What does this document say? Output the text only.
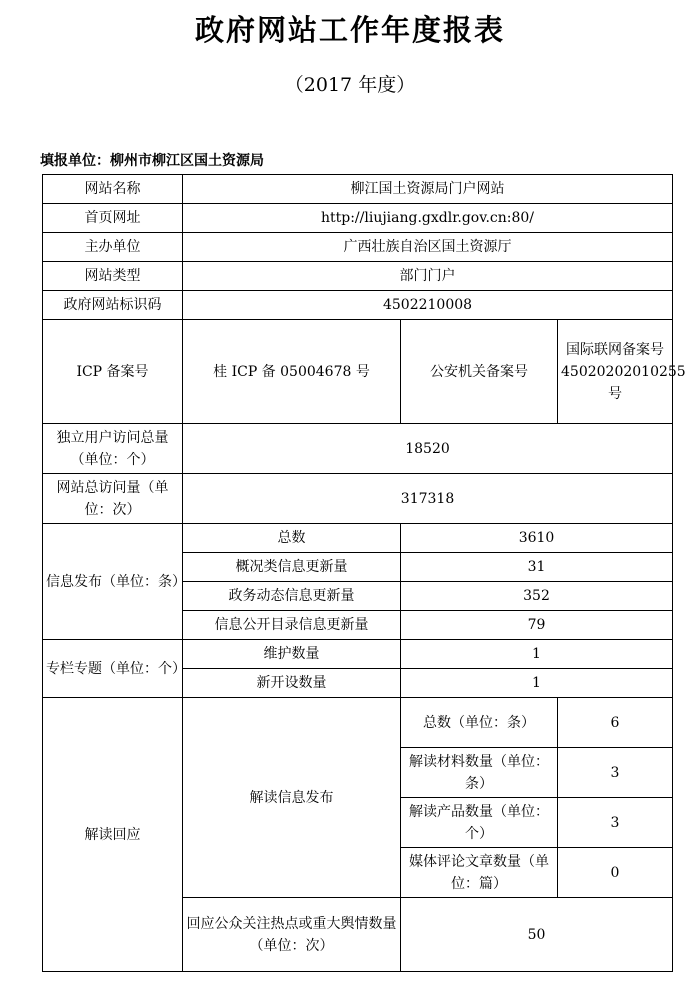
政府网站工作年度报表
（2017 年度）
填报单位：柳州市柳江区国土资源局
网站名称	柳江国土资源局门户网站		
首页网址	http://liujiang.gxdlr.gov.cn:80/		
主办单位	广西壮族自治区国土资源厅		
网站类型	部门门户		
政府网站标识码	4502210008		
ICP 备案号	桂 ICP 备 05004678 号	公安机关备案号	国际联网备案号45020202010255 号
独立用户访问总量（单位：个）	18520		
网站总访问量（单位：次）	317318		
信息发布（单位：条）	总数	3610	
	概况类信息更新量	31	
	政务动态信息更新量	352	
	信息公开目录信息更新量	79	
专栏专题（单位：个）	维护数量	1	
	新开设数量	1	
解读回应	解读信息发布	总数（单位：条）	6
		解读材料数量（单位：条）	3
		解读产品数量（单位：个）	3
		媒体评论文章数量（单位：篇）	0
	回应公众关注热点或重大舆情数量（单位：次）	50	
